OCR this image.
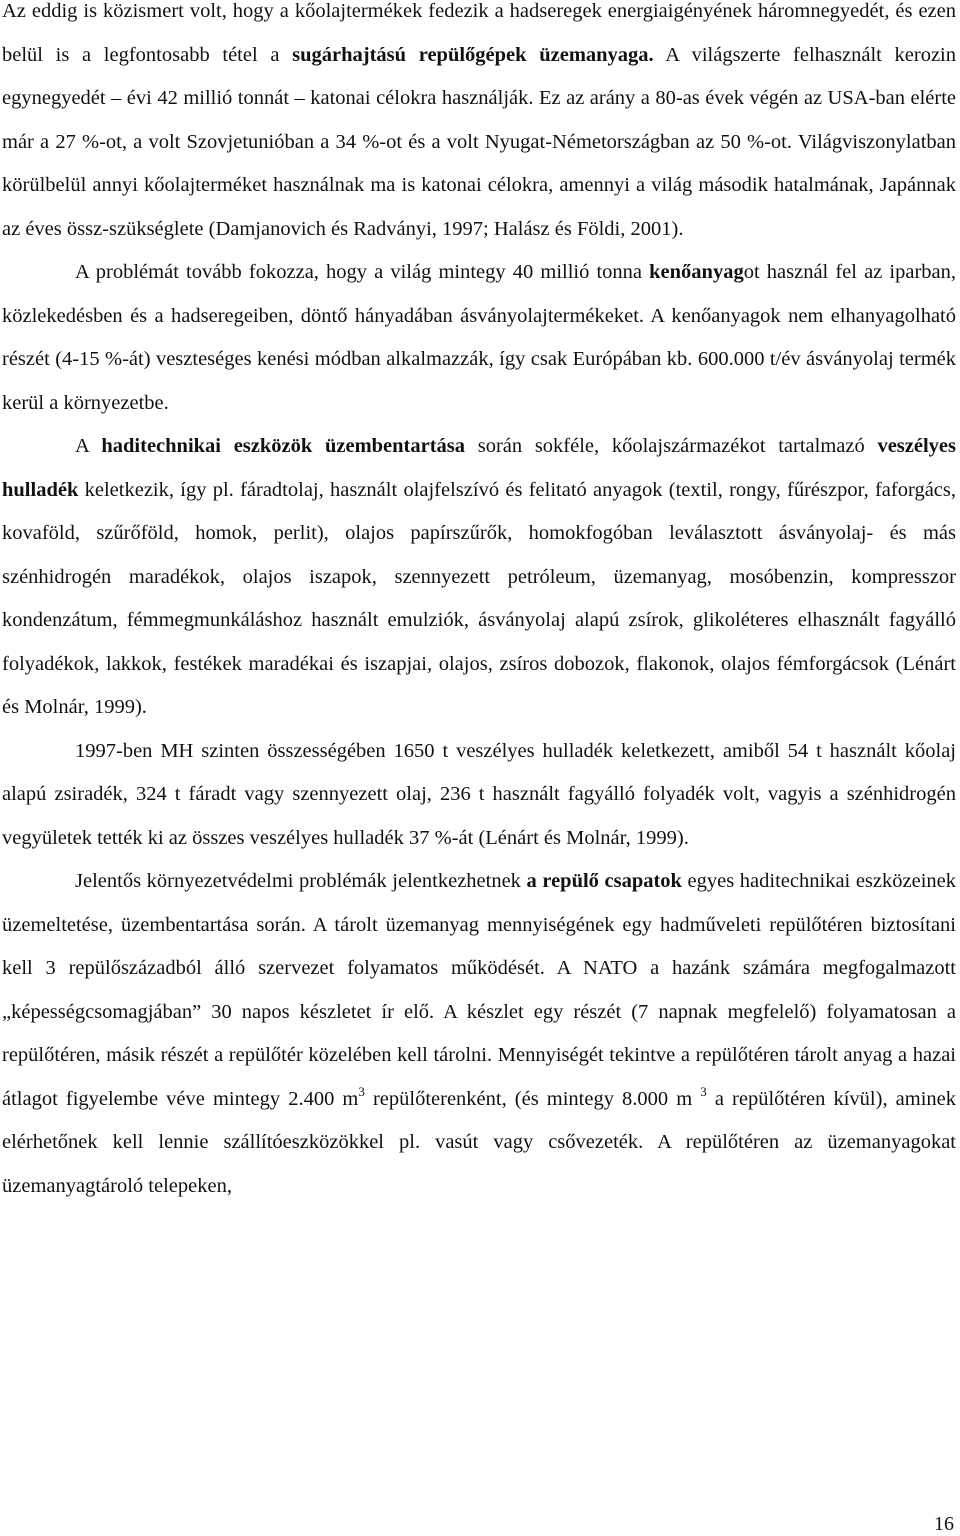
Az eddig is közismert volt, hogy a kőolajtermékek fedezik a hadseregek energiaigényének háromnegyedét, és ezen belül is a legfontosabb tétel a sugárhajtású repülőgépek üzemanyaga. A világszerte felhasznált kerozin egynegyedét – évi 42 millió tonnát – katonai célokra használják. Ez az arány a 80-as évek végén az USA-ban elérte már a 27 %-ot, a volt Szovjetunióban a 34 %-ot és a volt Nyugat-Németországban az 50 %-ot. Világviszonylatban körülbelül annyi kőolajterméket használnak ma is katonai célokra, amennyi a világ második hatalmának, Japánnak az éves össz-szükséglete (Damjanovich és Radványi, 1997; Halász és Földi, 2001).

A problémát tovább fokozza, hogy a világ mintegy 40 millió tonna kenőanyagot használ fel az iparban, közlekedésben és a hadseregeiben, döntő hányadában ásványolajtermékeket. A kenőanyagok nem elhanyagolható részét (4-15 %-át) veszteséges kenési módban alkalmazzák, így csak Európában kb. 600.000 t/év ásványolaj termék kerül a környezetbe.

A haditechnikai eszközök üzembentartása során sokféle, kőolajszármazékot tartalmazó veszélyes hulladék keletkezik, így pl. fáradtolaj, használt olajfelszívó és felitató anyagok (textil, rongy, fűrészpor, faforgács, kovaföld, szűrőföld, homok, perlit), olajos papírszűrők, homokfogóban leválasztott ásványolaj- és más szénhidrogén maradékok, olajos iszapok, szennyezett petróleum, üzemanyag, mosóbenzin, kompresszor kondenzátum, fémmegmunkáláshoz használt emulziók, ásványolaj alapú zsírok, glikoléteres elhasznált fagyálló folyadékok, lakkok, festékek maradékai és iszapjai, olajos, zsíros dobozok, flakonok, olajos fémforgácsok (Lénárt és Molnár, 1999).

1997-ben MH szinten összességében 1650 t veszélyes hulladék keletkezett, amiből 54 t használt kőolaj alapú zsiradék, 324 t fáradt vagy szennyezett olaj, 236 t használt fagyálló folyadék volt, vagyis a szénhidrogén vegyületek tették ki az összes veszélyes hulladék 37 %-át (Lénárt és Molnár, 1999).

Jelentős környezetvédelmi problémák jelentkezhetnek a repülő csapatok egyes haditechnikai eszközeinek üzemeltetése, üzembentartása során. A tárolt üzemanyag mennyiségének egy hadműveleti repülőtéren biztosítani kell 3 repülőszázadból álló szervezet folyamatos működését. A NATO a hazánk számára megfogalmazott „képességcsomagjában” 30 napos készletet ír elő. A készlet egy részét (7 napnak megfelelő) folyamatosan a repülőtéren, másik részét a repülőtér közelében kell tárolni. Mennyiségét tekintve a repülőtéren tárolt anyag a hazai átlagot figyelembe véve mintegy 2.400 $m^3$ repülőterenként, (és mintegy 8.000 m $^3$ a repülőtéren kívül), aminek elérhetőnek kell lennie szállítóeszközökkel pl. vasút vagy csővezeték. A repülőtéren az üzemanyagokat üzemanyagtároló telepeken,

16
